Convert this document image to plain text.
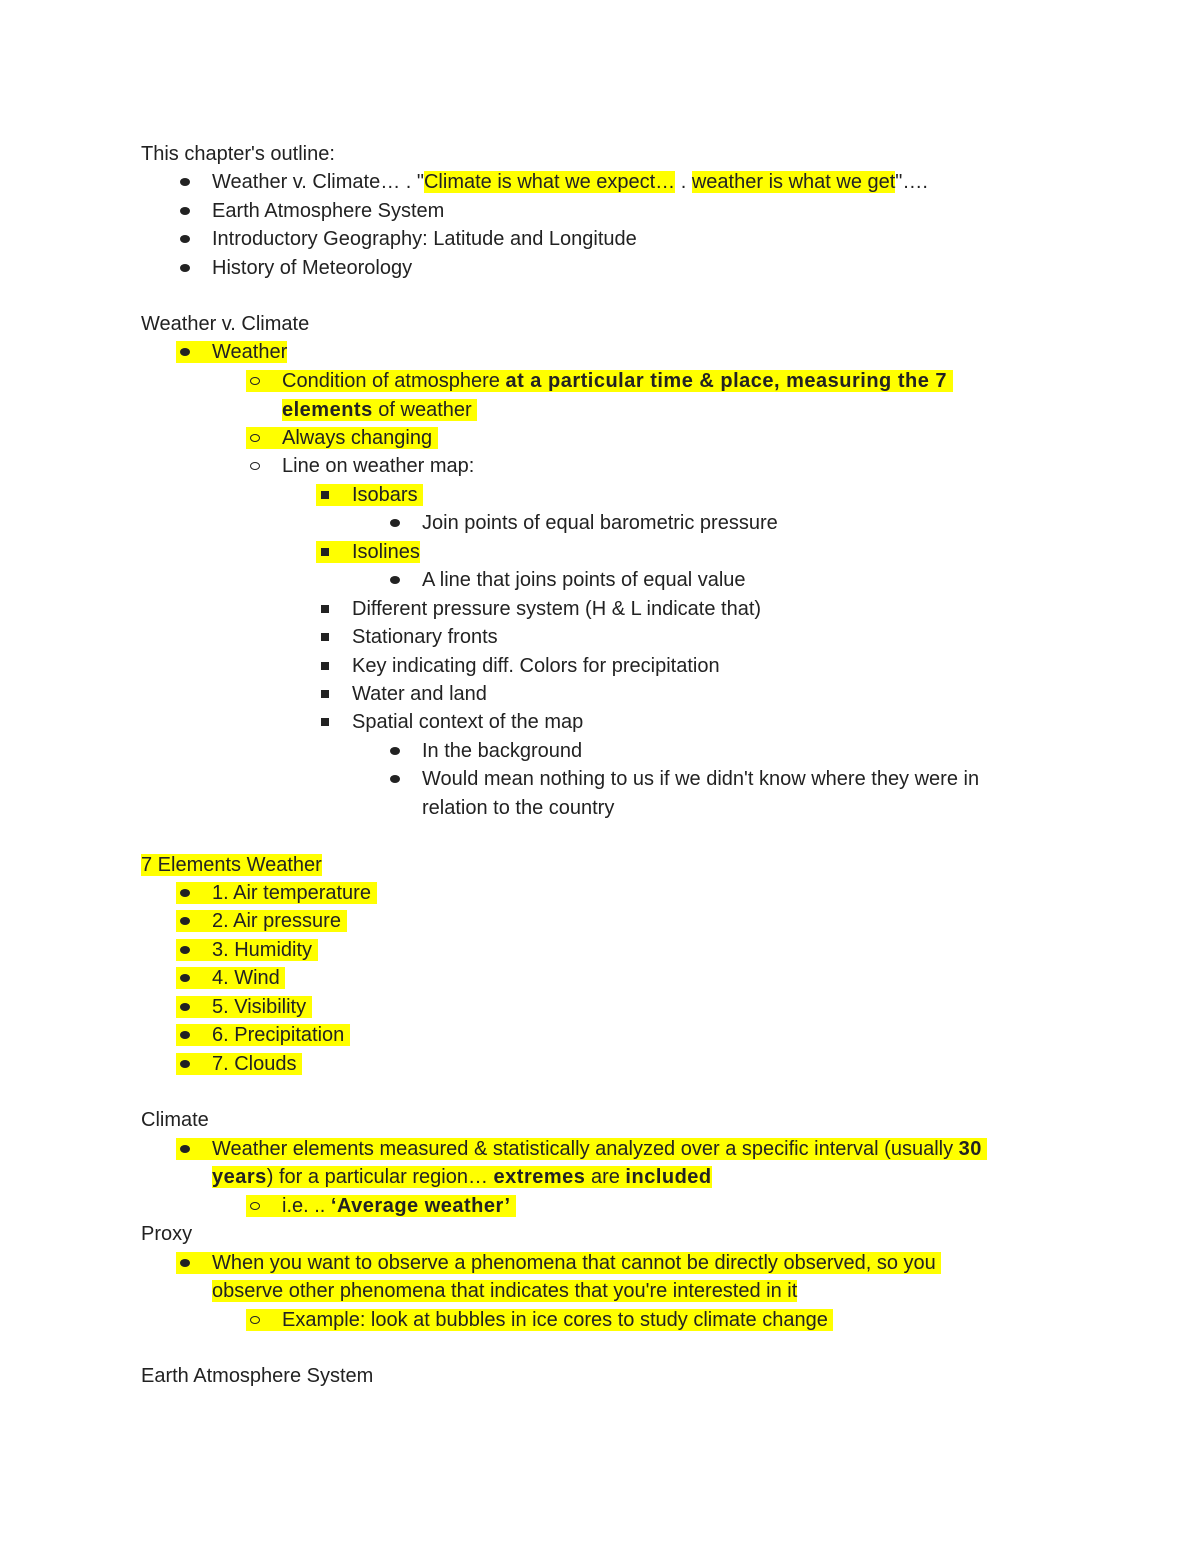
This chapter's outline:
Weather v. Climate… . "Climate is what we expect… . weather is what we get"….
Earth Atmosphere System
Introductory Geography: Latitude and Longitude
History of Meteorology
Weather v. Climate
Weather
Condition of atmosphere at a particular time & place, measuring the 7
elements of weather
Always changing
Line on weather map:
Isobars
Join points of equal barometric pressure
Isolines
A line that joins points of equal value
Different pressure system (H & L indicate that)
Stationary fronts
Key indicating diff. Colors for precipitation
Water and land
Spatial context of the map
In the background
Would mean nothing to us if we didn't know where they were in
relation to the country
7 Elements Weather
1. Air temperature
2. Air pressure
3. Humidity
4. Wind
5. Visibility
6. Precipitation
7. Clouds
Climate
Weather elements measured & statistically analyzed over a specific interval (usually 30
years) for a particular region… extremes are included
i.e. .. ‘Average weather’
Proxy
When you want to observe a phenomena that cannot be directly observed, so you
observe other phenomena that indicates that you're interested in it
Example: look at bubbles in ice cores to study climate change
Earth Atmosphere System
